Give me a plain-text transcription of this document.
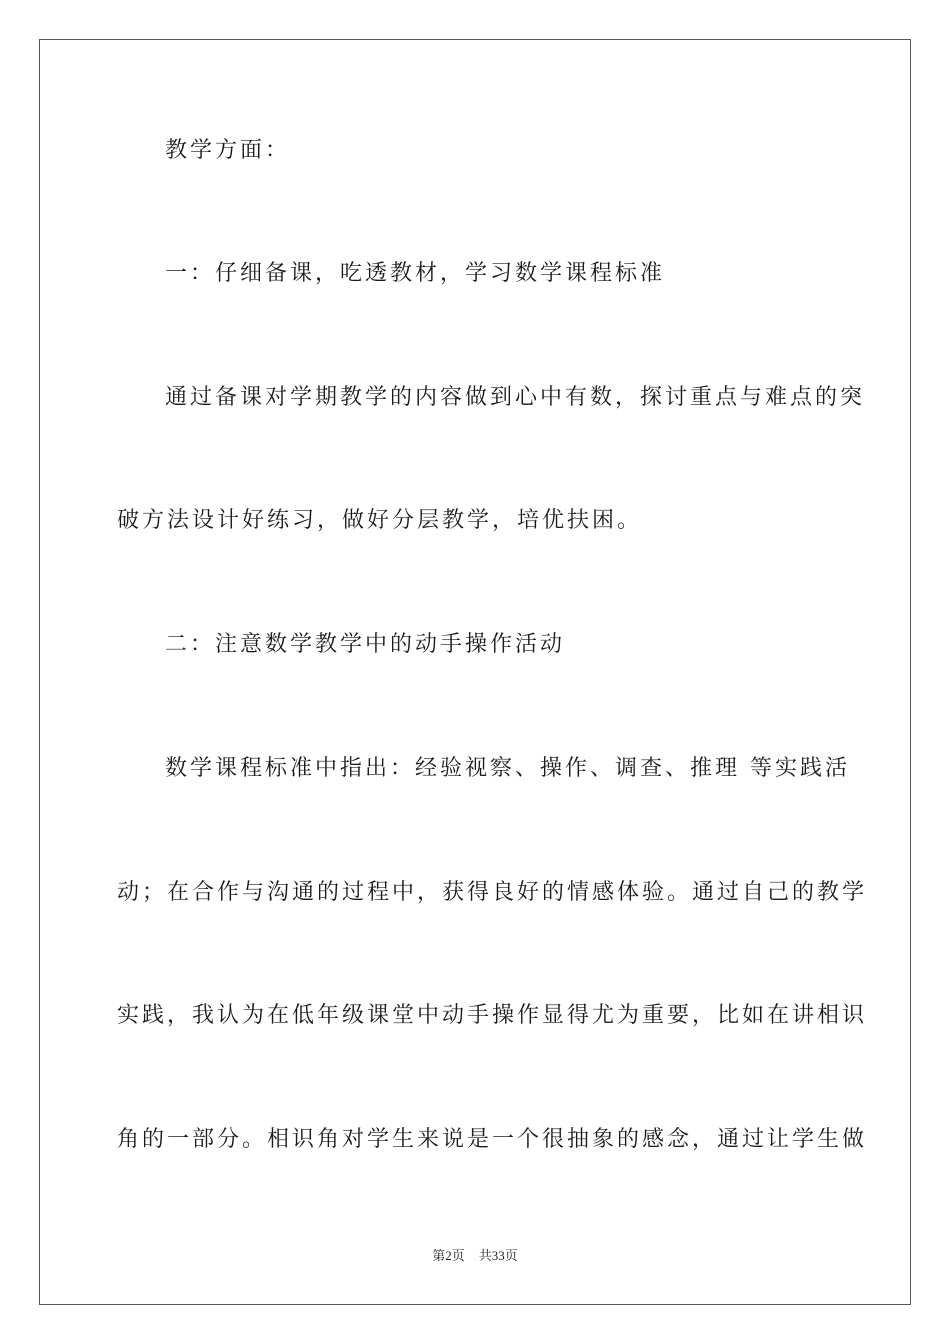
教学方面：
一：仔细备课，吃透教材，学习数学课程标准
通过备课对学期教学的内容做到心中有数，探讨重点与难点的突
破方法设计好练习，做好分层教学，培优扶困。
二：注意数学教学中的动手操作活动
数学课程标准中指出：经验视察、操作、调查、推理 等实践活
动；在合作与沟通的过程中，获得良好的情感体验。通过自己的教学
实践，我认为在低年级课堂中动手操作显得尤为重要，比如在讲相识
角的一部分。相识角对学生来说是一个很抽象的感念，通过让学生做
第2页 共33页
